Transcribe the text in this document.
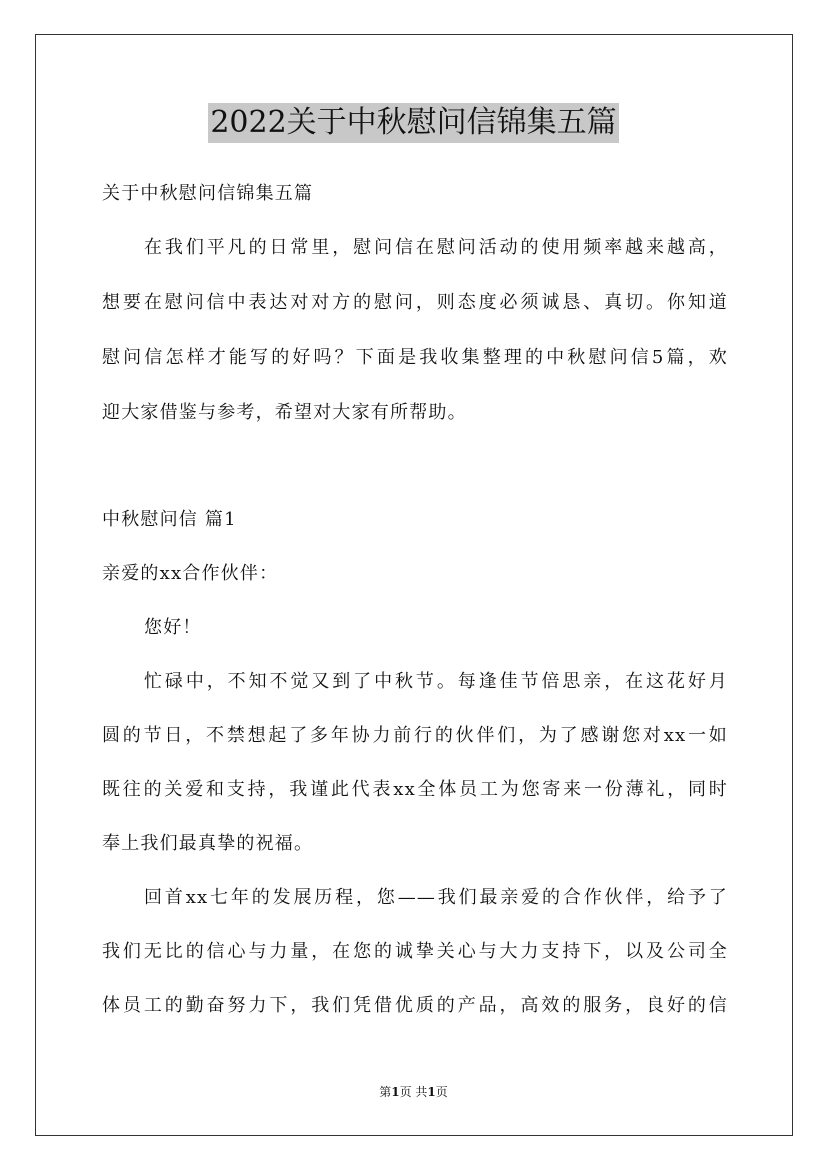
2022关于中秋慰问信锦集五篇

关于中秋慰问信锦集五篇

在我们平凡的日常里，慰问信在慰问活动的使用频率越来越高，

想要在慰问信中表达对对方的慰问，则态度必须诚恳、真切。你知道

慰问信怎样才能写的好吗？下面是我收集整理的中秋慰问信5篇，欢

迎大家借鉴与参考，希望对大家有所帮助。

中秋慰问信 篇1

亲爱的xx合作伙伴：

您好！

忙碌中，不知不觉又到了中秋节。每逢佳节倍思亲，在这花好月

圆的节日，不禁想起了多年协力前行的伙伴们，为了感谢您对xx一如

既往的关爱和支持，我谨此代表xx全体员工为您寄来一份薄礼，同时

奉上我们最真挚的祝福。

回首xx七年的发展历程，您——我们最亲爱的合作伙伴，给予了

我们无比的信心与力量，在您的诚挚关心与大力支持下，以及公司全

体员工的勤奋努力下，我们凭借优质的产品，高效的服务，良好的信

第1页 共1页
